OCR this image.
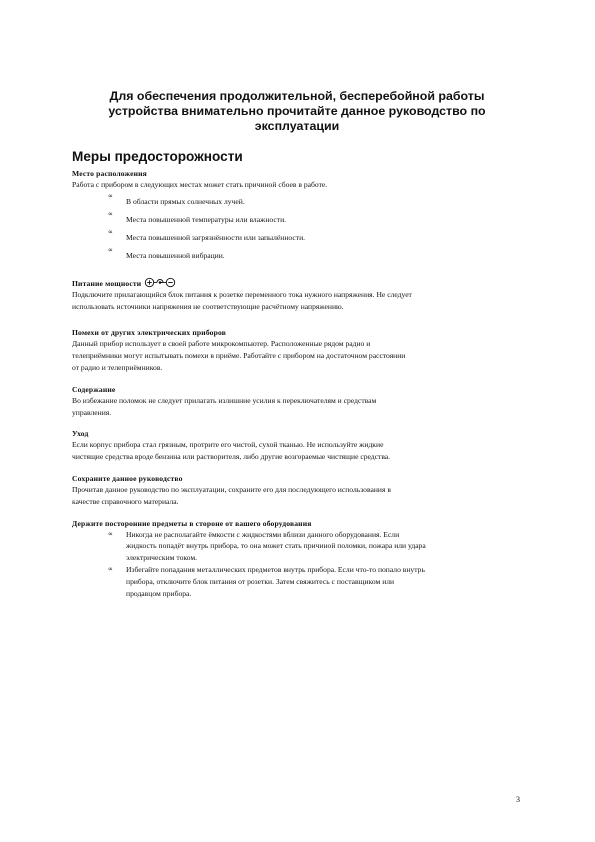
Для обеспечения продолжительной, бесперебойной работы
устройства внимательно прочитайте данное руководство по
эксплуатации
Меры предосторожности

Место расположения

Работа с прибором в следующих местах может стать причиной сбоев в работе.

∝
В области прямых солнечных лучей.
∝
Места повышенной температуры или влажности.
∝
Места повышенной загрязнённости или запылённости.
∝
Места повышенной вибрации.

Питание мощности

Подключите прилагающийся блок питания к розетке переменного тока нужного напряжения. Не следует

использовать источники напряжения не соответствующие расчётному напряжению.

Помехи от других электрических приборов

Данный прибор использует в своей работе микрокомпьютер. Расположенные рядом радио и

телеприёмники могут испытывать помехи в приёме. Работайте с прибором на достаточном расстоянии

от радио и телеприёмников.

Содержание

Во избежание поломок не следует прилагать излишние усилия к переключателям и средствам

управления.

Уход

Если корпус прибора стал грязным, протрите его чистой, сухой тканью. Не используйте жидкие

чистящие средства вроде бензина или растворителя, либо другие возгораемые чистящие средства.

Сохраните данное руководство

Прочитав данное руководство по эксплуатации, сохраните его для последующего использования в

качестве справочного материала.

Держите посторонние предметы в стороне от вашего оборудования

∝ Никогда не располагайте ёмкости с жидкостями вблизи данного оборудования. Если

жидкость попадёт внутрь прибора, то она может стать причиной поломки, пожара или удара

электрическим током.

∝ Избегайте попадания металлических предметов внутрь прибора. Если что-то попало внутрь

прибора, отключите блок питания от розетки. Затем свяжитесь с поставщиком или

продавцом прибора.

3
